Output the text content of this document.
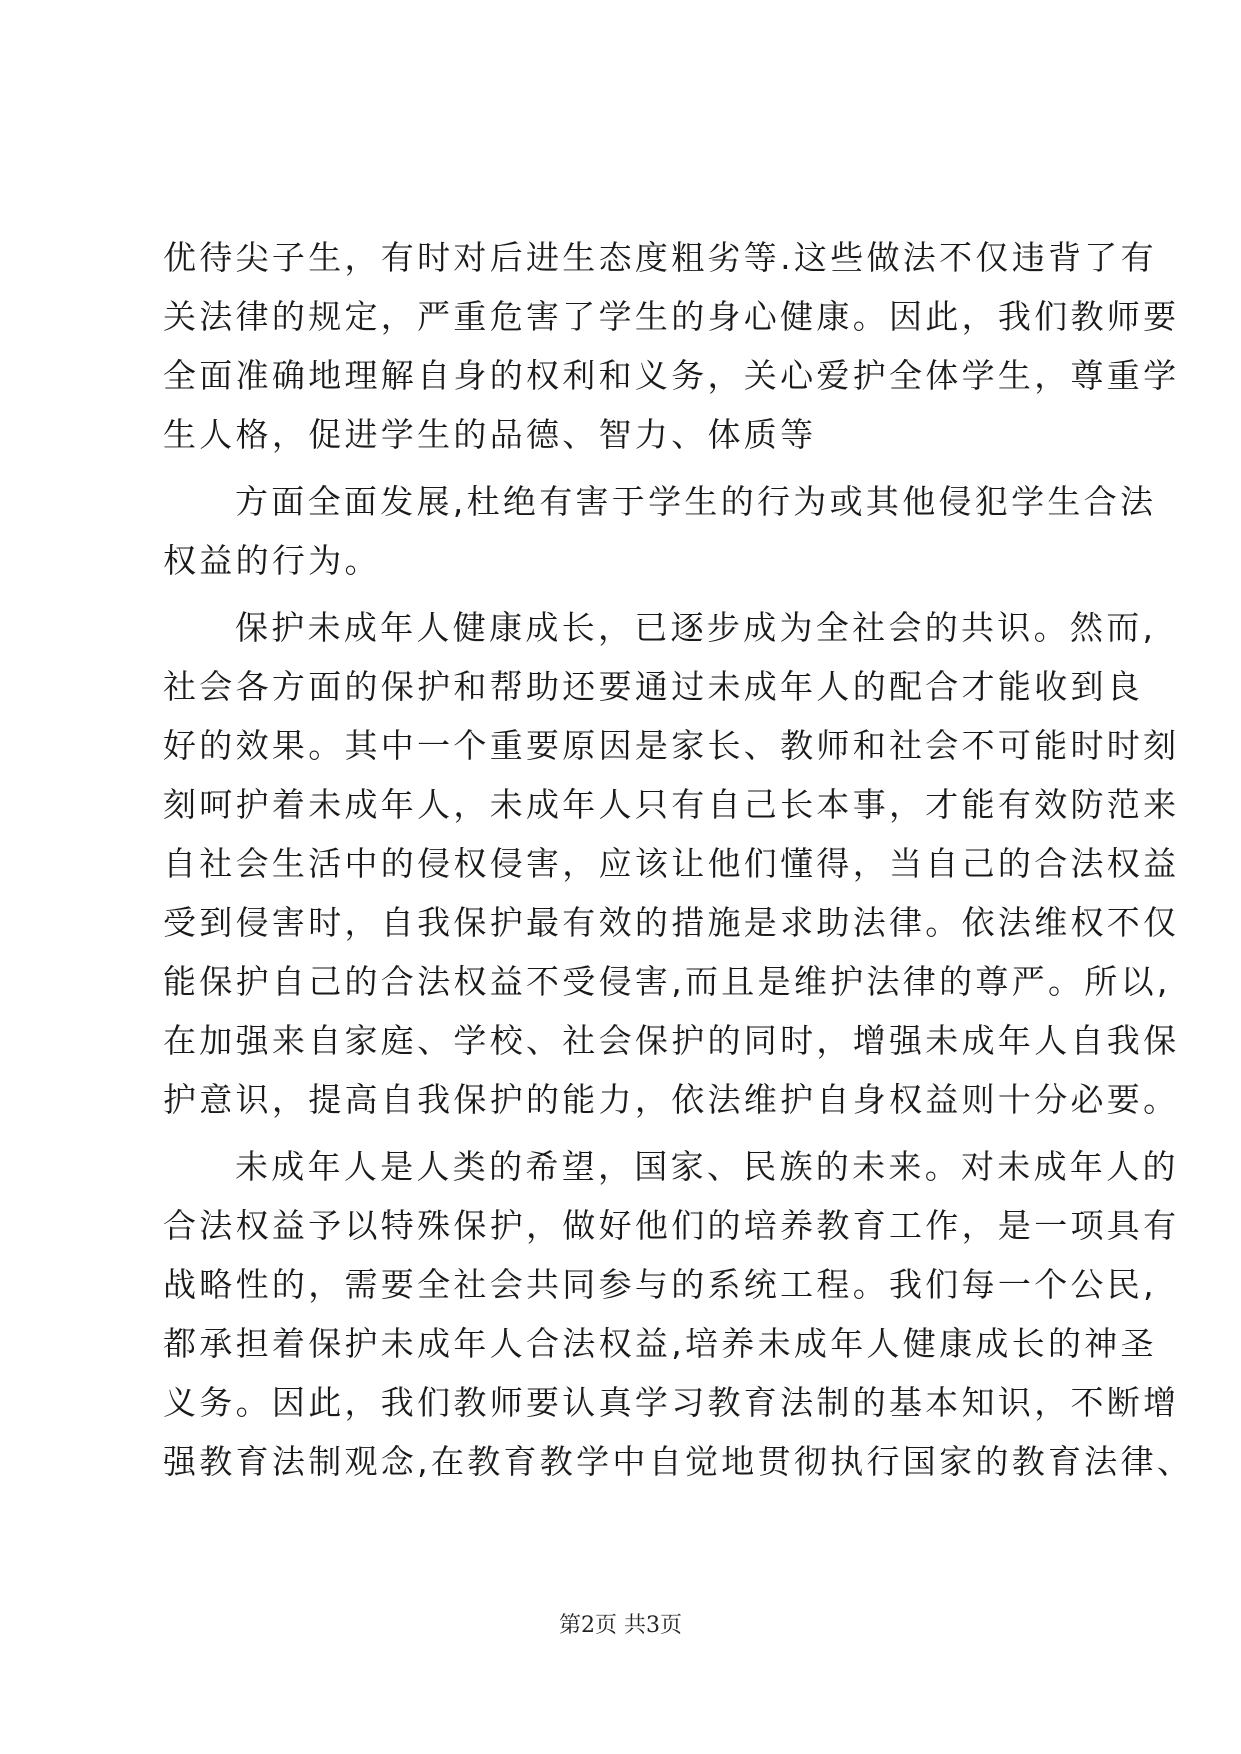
优待尖子生，有时对后进生态度粗劣等.这些做法不仅违背了有
关法律的规定，严重危害了学生的身心健康。因此，我们教师要
全面准确地理解自身的权利和义务，关心爱护全体学生，尊重学
生人格，促进学生的品德、智力、体质等
方面全面发展,杜绝有害于学生的行为或其他侵犯学生合法
权益的行为。
保护未成年人健康成长，已逐步成为全社会的共识。然而,
社会各方面的保护和帮助还要通过未成年人的配合才能收到良
好的效果。其中一个重要原因是家长、教师和社会不可能时时刻
刻呵护着未成年人，未成年人只有自己长本事，才能有效防范来
自社会生活中的侵权侵害，应该让他们懂得，当自己的合法权益
受到侵害时，自我保护最有效的措施是求助法律。依法维权不仅
能保护自己的合法权益不受侵害,而且是维护法律的尊严。所以,
在加强来自家庭、学校、社会保护的同时，增强未成年人自我保
护意识，提高自我保护的能力，依法维护自身权益则十分必要。
未成年人是人类的希望，国家、民族的未来。对未成年人的
合法权益予以特殊保护，做好他们的培养教育工作，是一项具有
战略性的，需要全社会共同参与的系统工程。我们每一个公民,
都承担着保护未成年人合法权益,培养未成年人健康成长的神圣
义务。因此，我们教师要认真学习教育法制的基本知识，不断增
强教育法制观念,在教育教学中自觉地贯彻执行国家的教育法律、
第2页 共3页
